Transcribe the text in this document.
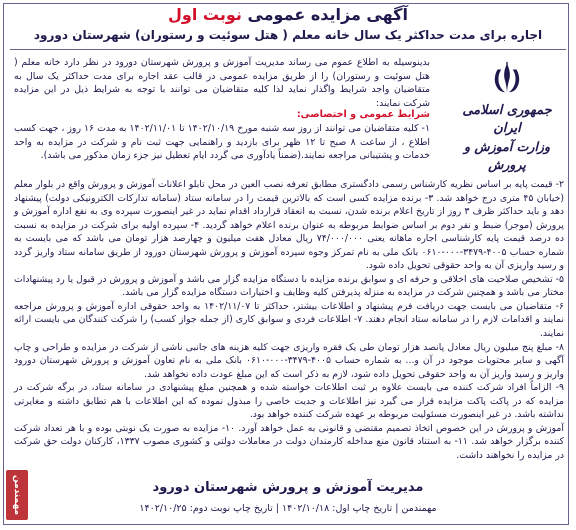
آگهی مزایده عمومی نوبت اول
اجاره برای مدت حداکثر یک سال خانه معلم ( هتل سوئیت و رستوران) شهرستان دورود
جمهوری اسلامی ایران
وزارت آموزش و پرورش
بدینوسیله به اطلاع عموم می رساند مدیریت آموزش و پرورش شهرستان دورود در نظر دارد خانه معلم ( هتل سوئیت و رستوران) را از طریق مزایده عمومی در قالب عقد اجاره برای مدت حداکثر یک سال به متقاضیان واجد شرایط واگذار نماید لذا کلیه متقاضیان می توانند با توجه به شرایط ذیل در این مزایده شرکت نمایند:
شرایط عمومی و اختصاصی:
۱- کلیه متقاضیان می توانند از روز سه شنبه مورخ ۱۴۰۲/۱۰/۱۹ تا ۱۴۰۲/۱۱/۰۱ به مدت ۱۶ روز ، جهت کسب اطلاع ، از ساعت ۸ صبح تا ۱۲ ظهر برای بازدید و راهنمایی جهت ثبت نام و شرکت در مزایده به واحد خدمات و پشتیبانی مراجعه نمایند.(ضمناً یادآوری می گردد ایام تعطیل نیز جزء زمان مذکور می باشد).

۲- قیمت پایه بر اساس نظریه کارشناس رسمی دادگستری مطابق تعرفه نصب العین در محل تابلو اعلانات آموزش و پرورش واقع در بلوار معلم (خیابان ۴۵ متری درج خواهد شد. ۳- برنده مزایده کسی است که بالاترین قیمت را در سامانه ستاد (سامانه تدارکات الکترونیکی دولت) پیشنهاد دهد و باید حداکثر ظرف ۳ روز از تاریخ اعلام برنده شدن، نسبت به انعقاد قرارداد اقدام نماید در غیر اینصورت سپرده وی به نفع اداره آموزش و پرورش (موجر) ضبط و نفر دوم بر اساس ضوابط مربوطه به عنوان برنده اعلام خواهد گردید. ۴- سپرده اولیه برای شرکت در مزایده به نسبت ده درصد قیمت پایه کارشناسی اجاره ماهانه یعنی ۷۴/۰۰۰/۰۰۰ ریال معادل هفت میلیون و چهارصد هزار تومان می باشد که می بایست به شماره حساب ۴۰۰۵-۳۴۷۹-۰۰۰-۰۶۱۰ بانک ملی به نام تمرکز وجوه سپرده آموزش و پرورش شهرستان دورود از طریق سامانه ستاد واریز گردد و رسید واریزی آن به واحد حقوقی تحویل داده شود.

۵- تشخیص صلاحیت های اخلاقی و حرفه ای و سوابق برنده مزایده با دستگاه مزایده گزار می باشد و آموزش و پرورش در قبول یا رد پیشنهادات مختار می باشد و همچنین شرکت در مزایده به منزله پذیرفتن کلیه وظایف و اختیارات دستگاه مزایده گزار می باشد.

۶- متقاضیان می بایست جهت دریافت فرم پیشنهاد و اطلاعات بیشتر، حداکثر تا ۱۴۰۲/۱۱/۰۷ به واحد حقوقی اداره آموزش و پرورش مراجعه نمایند و اقدامات لازم را در سامانه ستاد انجام دهند. ۷- اطلاعات فردی و سوابق کاری (از جمله جواز کسب) را شرکت کنندگان می بایست ارائه نمایند.

۸- مبلغ پنج میلیون ریال معادل پانصد هزار تومان طی یک فقره واریزی جهت کلیه هزینه های جانبی ناشی از شرکت در مزایده و طراحی و چاپ آگهی و سایر محتویات موجود در آن و... به شماره حساب ۴۰۰۵-۳۴۷۹-۰۰۰-۰۶۱۰ بانک ملی به نام تعاون آموزش و پرورش شهرستان دورود واریز و رسید واریز آن به واحد حقوقی تحویل داده شود، لازم به ذکر است که این مبلغ عودت داده نخواهد شد.

۹- الزاماً افراد شرکت کننده می بایست علاوه بر ثبت اطلاعات خواسته شده و همچنین مبلغ پیشنهادی در سامانه ستاد، در برگه شرکت در مزایده که در پاکت پاکت مزایده قرار می گیرد نیز اطلاعات و جدیت خاصی را مبذول نموده که این اطلاعات با هم تطابق داشته و مغایرتی نداشته باشد. در غیر اینصورت مسئولیت مربوطه بر عهده شرکت کننده خواهد بود.

آموزش و پرورش در این خصوص اتخاذ تصمیم مقتضی و قانونی به عمل خواهد آورد. ۱۰- مزایده به صورت یک نوبتی بوده و با هر تعداد شرکت کننده برگزار خواهد شد. ۱۱- به استناد قانون منع مداخله کارمندان دولت در معاملات دولتی و کشوری مصوب ۱۳۳۷، کارکنان دولت حق شرکت در مزایده را نخواهند داشت.

مدیریت آموزش و پرورش شهرستان دورود
مهمندمن | تاریخ چاپ اول: ۱۴۰۲/۱۰/۱۸ | تاریخ چاپ نوبت دوم: ۱۴۰۲/۱۰/۲۵
مهمندمن
